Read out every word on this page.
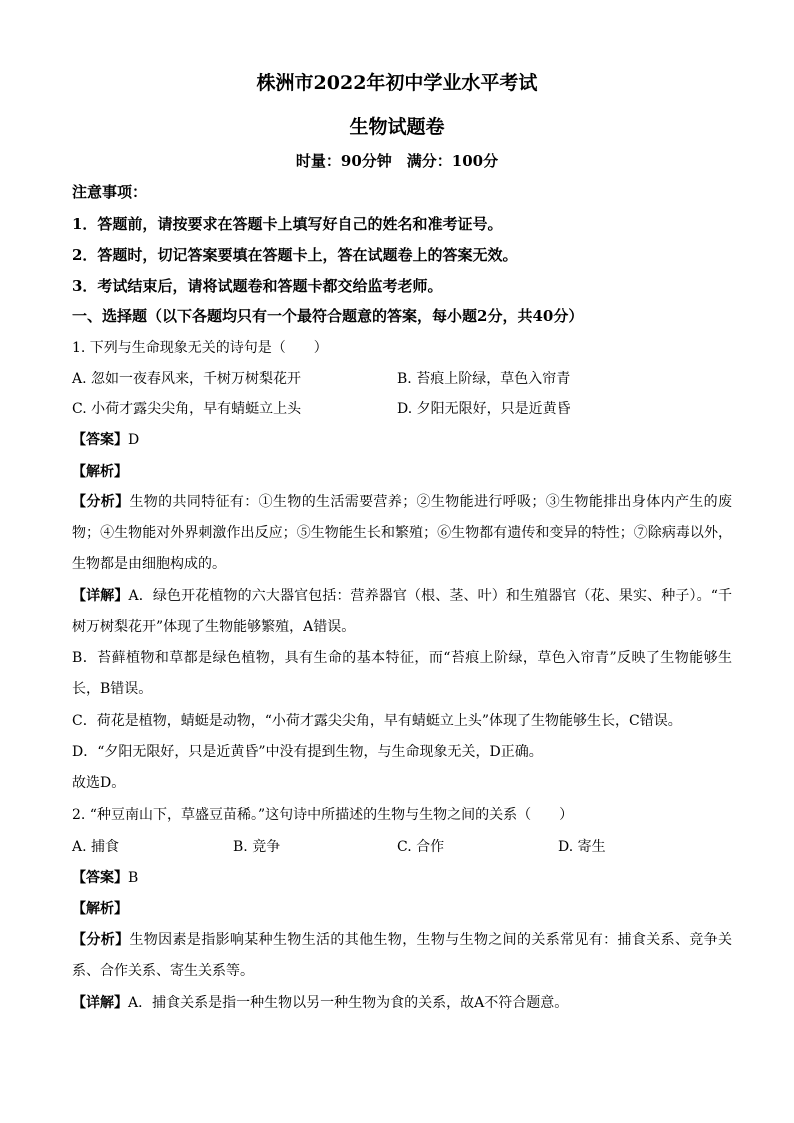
株洲市2022年初中学业水平考试
生物试题卷
时量：90分钟　满分：100分
注意事项：
1．答题前，请按要求在答题卡上填写好自己的姓名和准考证号。
2．答题时，切记答案要填在答题卡上，答在试题卷上的答案无效。
3．考试结束后，请将试题卷和答题卡都交给监考老师。
一、选择题（以下各题均只有一个最符合题意的答案，每小题2分，共40分）
1. 下列与生命现象无关的诗句是（　　）
A. 忽如一夜春风来，千树万树梨花开	B. 苔痕上阶绿，草色入帘青
C. 小荷才露尖尖角，早有蜻蜓立上头	D. 夕阳无限好，只是近黄昏
【答案】D
【解析】
【分析】生物的共同特征有：①生物的生活需要营养；②生物能进行呼吸；③生物能排出身体内产生的废物；④生物能对外界刺激作出反应；⑤生物能生长和繁殖；⑥生物都有遗传和变异的特性；⑦除病毒以外，生物都是由细胞构成的。
【详解】A．绿色开花植物的六大器官包括：营养器官（根、茎、叶）和生殖器官（花、果实、种子）。“千树万树梨花开”体现了生物能够繁殖，A错误。
B．苔藓植物和草都是绿色植物，具有生命的基本特征，而“苔痕上阶绿，草色入帘青”反映了生物能够生长，B错误。
C．荷花是植物，蜻蜓是动物，“小荷才露尖尖角，早有蜻蜓立上头”体现了生物能够生长，C错误。
D．“夕阳无限好，只是近黄昏”中没有提到生物，与生命现象无关，D正确。
故选D。
2. “种豆南山下，草盛豆苗稀。”这句诗中所描述的生物与生物之间的关系（　　）
A. 捕食	B. 竞争	C. 合作	D. 寄生
【答案】B
【解析】
【分析】生物因素是指影响某种生物生活的其他生物，生物与生物之间的关系常见有：捕食关系、竞争关系、合作关系、寄生关系等。
【详解】A．捕食关系是指一种生物以另一种生物为食的关系，故A不符合题意。
